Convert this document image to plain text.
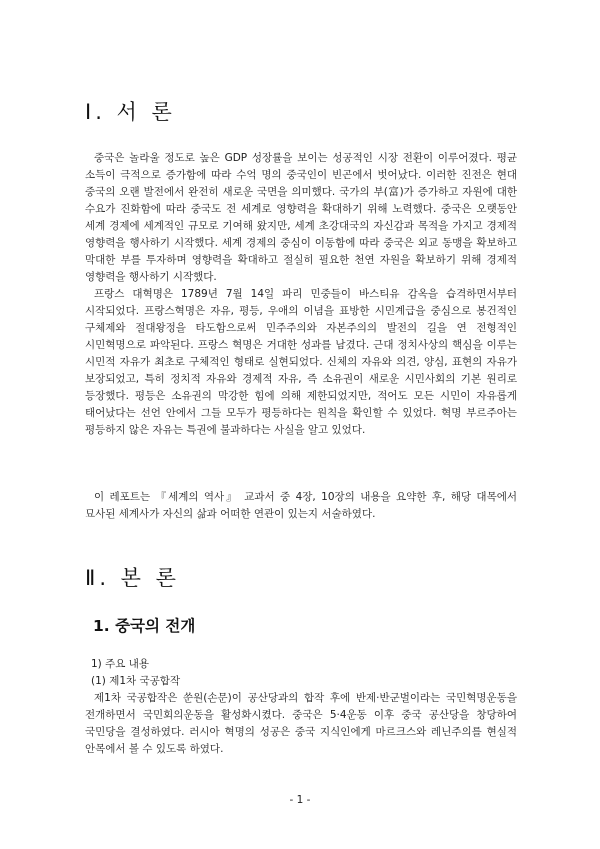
Ⅰ. 서 론

중국은 놀라울 정도로 높은 GDP 성장률을 보이는 성공적인 시장 전환이 이루어졌다. 평균 소득이 극적으로 증가함에 따라 수억 명의 중국인이 빈곤에서 벗어났다. 이러한 진전은 현대 중국의 오랜 발전에서 완전히 새로운 국면을 의미했다. 국가의 부(富)가 증가하고 자원에 대한 수요가 진화함에 따라 중국도 전 세계로 영향력을 확대하기 위해 노력했다. 중국은 오랫동안 세계 경제에 세계적인 규모로 기여해 왔지만, 세계 초강대국의 자신감과 목적을 가지고 경제적 영향력을 행사하기 시작했다. 세계 경제의 중심이 이동함에 따라 중국은 외교 동맹을 확보하고 막대한 부를 투자하며 영향력을 확대하고 절실히 필요한 천연 자원을 확보하기 위해 경제적 영향력을 행사하기 시작했다.

프랑스 대혁명은 1789년 7월 14일 파리 민중들이 바스티유 감옥을 습격하면서부터 시작되었다. 프랑스혁명은 자유, 평등, 우애의 이념을 표방한 시민계급을 중심으로 봉건적인 구체제와 절대왕정을 타도함으로써 민주주의와 자본주의의 발전의 길을 연 전형적인 시민혁명으로 파악된다. 프랑스 혁명은 거대한 성과를 남겼다. 근대 정치사상의 핵심을 이루는 시민적 자유가 최초로 구체적인 형태로 실현되었다. 신체의 자유와 의견, 양심, 표현의 자유가 보장되었고, 특히 정치적 자유와 경제적 자유, 즉 소유권이 새로운 시민사회의 기본 원리로 등장했다. 평등은 소유권의 막강한 힘에 의해 제한되었지만, 적어도 모든 시민이 자유롭게 태어났다는 선언 안에서 그들 모두가 평등하다는 원칙을 확인할 수 있었다. 혁명 부르주아는 평등하지 않은 자유는 특권에 불과하다는 사실을 알고 있었다.

이 레포트는 『세계의 역사』 교과서 중 4장, 10장의 내용을 요약한 후, 해당 대목에서 묘사된 세계사가 자신의 삶과 어떠한 연관이 있는지 서술하였다.

Ⅱ. 본 론
1. 중국의 전개

1) 주요 내용

(1) 제1차 국공합작

제1차 국공합작은 쑨원(손문)이 공산당과의 합작 후에 반제·반군벌이라는 국민혁명운동을 전개하면서 국민회의운동을 활성화시켰다. 중국은 5·4운동 이후 중국 공산당을 창당하여 국민당을 결성하였다. 러시아 혁명의 성공은 중국 지식인에게 마르크스와 레닌주의를 현실적 안목에서 볼 수 있도록 하였다.

- 1 -
